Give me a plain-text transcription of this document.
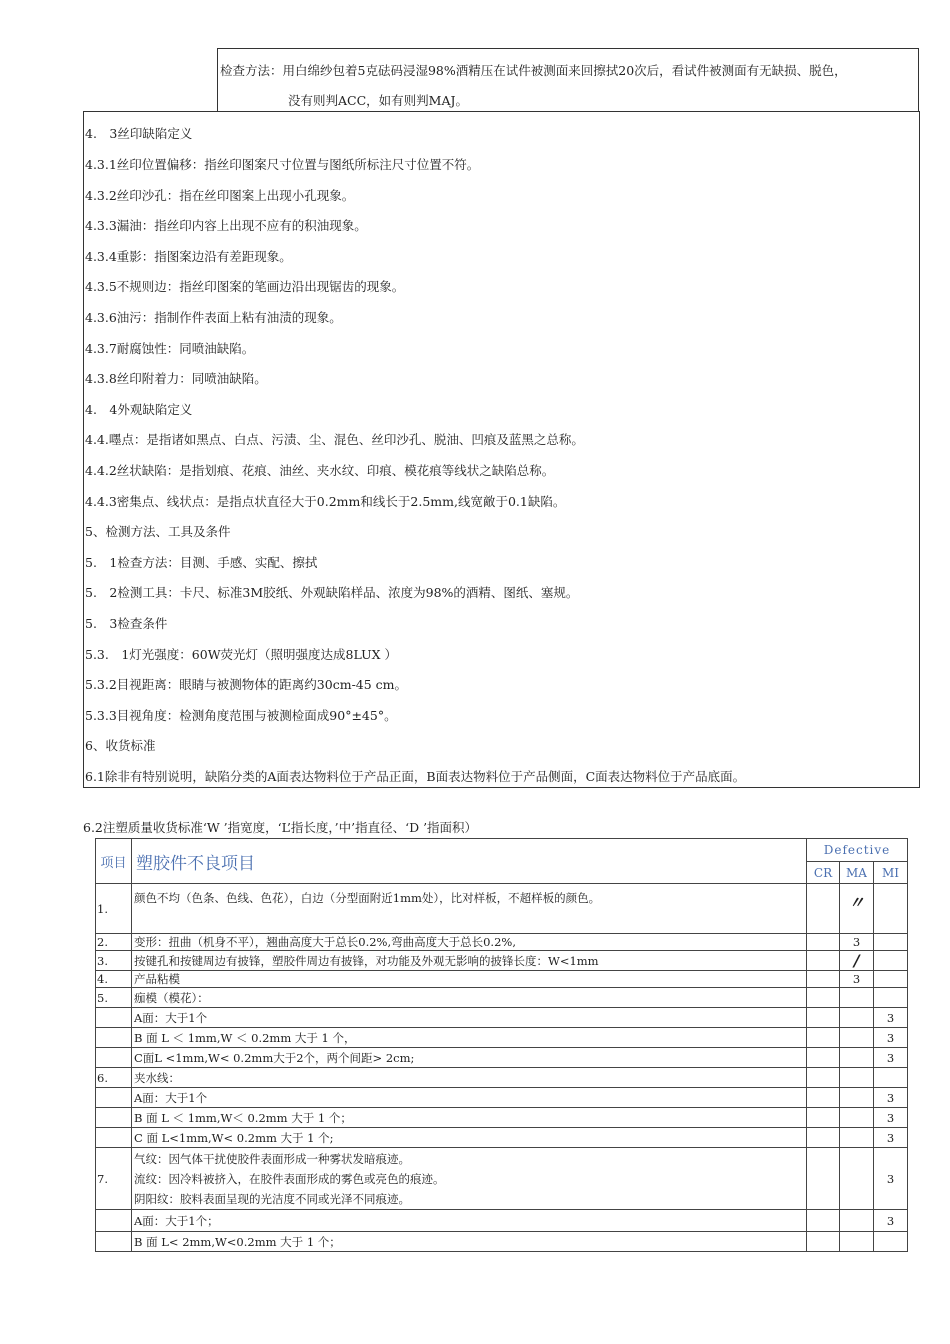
检查方法：用白绵纱包着5克砝码浸湿98%酒精压在试件被测面来回擦拭20次后，看试件被测面有无缺损、脱色，
没有则判ACC，如有则判MAJ。
4.　3丝印缺陷定义
4.3.1丝印位置偏移：指丝印图案尺寸位置与图纸所标注尺寸位置不符。
4.3.2丝印沙孔：指在丝印图案上出现小孔现象。
4.3.3漏油：指丝印内容上出现不应有的积油现象。
4.3.4重影：指图案边沿有差距现象。
4.3.5不规则边：指丝印图案的笔画边沿出现锯齿的现象。
4.3.6油污：指制作件表面上粘有油渍的现象。
4.3.7耐腐蚀性：同喷油缺陷。
4.3.8丝印附着力：同喷油缺陷。
4.　4外观缺陷定义
4.4.嚜点：是指诸如黑点、白点、污渍、尘、混色、丝印沙孔、脱油、凹痕及蓝黑之总称。
4.4.2丝状缺陷：是指划痕、花痕、油丝、夹水纹、印痕、模花痕等线状之缺陷总称。
4.4.3密集点、线状点：是指点状直径大于0.2mm和线长于2.5mm,线宽敵于0.1缺陷。
5、检测方法、工具及条件
5.　1检查方法：目测、手感、实配、擦拭
5.　2检测工具：卡尺、标准3M胶纸、外观缺陷样品、浓度为98%的酒精、图纸、塞规。
5.　3检查条件
5.3.　1灯光强度：60W荧光灯（照明强度达成8LUX ）
5.3.2目视距离：眼睛与被测物体的距离约30cm-45 cm。
5.3.3目视角度：检测角度范围与被测检面成90°±45°。
6、收货标准
6.1除非有特别说明，缺陷分类的A面表达物料位于产品正面，B面表达物料位于产品侧面，C面表达物料位于产品底面。
6.2注塑质量收货标准‘W ’指宽度，‘L’指长度，’中’指直径、‘D ’指面积）
项目	塑胶件不良项目	Defective		
		CR	MA	MI
1.	颜色不均（色条、色线、色花），白边（分型面附近1mm处），比对样板，不超样板的颜色。		〃	
2.	变形：扭曲（机身不平），翘曲高度大于总长0.2%,弯曲高度大于总长0.2%,		3	
3.	按键孔和按键周边有披锋，塑胶件周边有披锋，对功能及外观无影响的披锋长度：W<1mm		/	
4.	产品粘模		3	
5.	痂模（模花）：			
	A面：大于1个			3
	B 面 L ＜ 1mm,W ＜ 0.2mm 大于 1 个，			3
	C面L <1mm,W< 0.2mm大于2个，两个间距> 2cm;			3
6.	夹水线：			
	A面：大于1个			3
	B 面 L ＜ 1mm,W＜ 0.2mm 大于 1 个；			3
	C 面 L<1mm,W< 0.2mm 大于 1 个;			3
7.	气纹：因气体干扰使胶件表面形成一种雾状发暗痕迹。
流纹：因冷料被挤入，在胶件表面形成的雾色或亮色的痕迹。
阴阳纹：胶料表面呈现的光洁度不同或光泽不同痕迹。			3
	A面：大于1个；			3
	B 面 L< 2mm,W<0.2mm 大于 1 个；			
